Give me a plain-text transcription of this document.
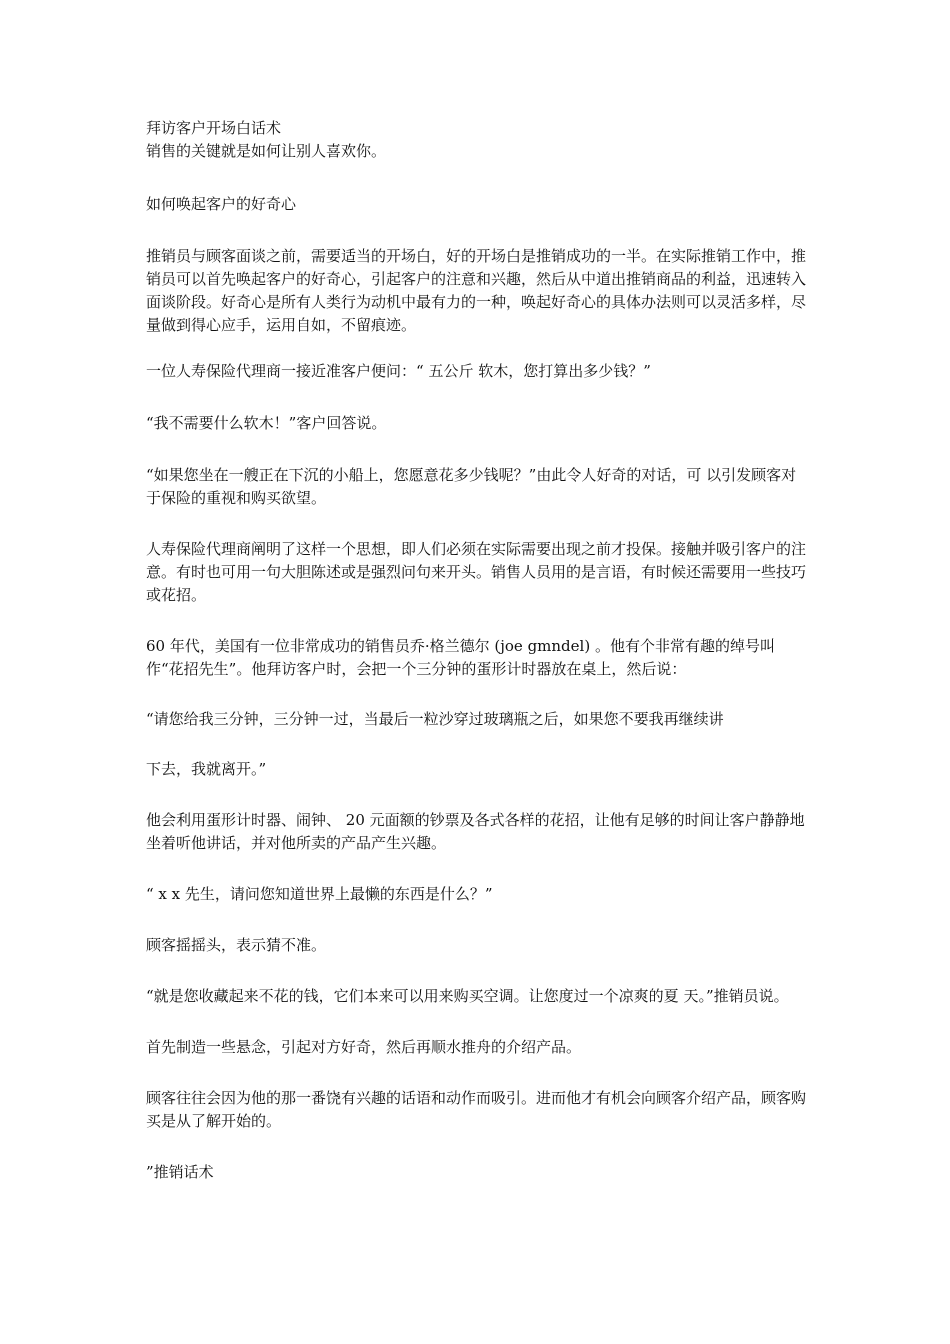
拜访客户开场白话术

销售的关键就是如何让别人喜欢你。

如何唤起客户的好奇心

推销员与顾客面谈之前，需要适当的开场白，好的开场白是推销成功的一半。在实际推销工作中，推销员可以首先唤起客户的好奇心，引起客户的注意和兴趣，然后从中道出推销商品的利益，迅速转入面谈阶段。好奇心是所有人类行为动机中最有力的一种，唤起好奇心的具体办法则可以灵活多样，尽量做到得心应手，运用自如，不留痕迹。

一位人寿保险代理商一接近准客户便问：“ 五公斤 软木，您打算出多少钱？”

“我不需要什么软木！”客户回答说。

“如果您坐在一艘正在下沉的小船上，您愿意花多少钱呢？”由此令人好奇的对话，可 以引发顾客对于保险的重视和购买欲望。

人寿保险代理商阐明了这样一个思想，即人们必须在实际需要出现之前才投保。接触并吸引客户的注意。有时也可用一句大胆陈述或是强烈问句来开头。销售人员用的是言语，有时候还需要用一些技巧或花招。

60 年代，美国有一位非常成功的销售员乔·格兰德尔 (joe gmndel) 。他有个非常有趣的绰号叫作“花招先生”。他拜访客户时，会把一个三分钟的蛋形计时器放在桌上，然后说：

“请您给我三分钟，三分钟一过，当最后一粒沙穿过玻璃瓶之后，如果您不要我再继续讲

下去，我就离开。”

他会利用蛋形计时器、闹钟、 20 元面额的钞票及各式各样的花招，让他有足够的时间让客户静静地坐着听他讲话，并对他所卖的产品产生兴趣。

“ x x 先生，请问您知道世界上最懒的东西是什么？”

顾客摇摇头，表示猜不准。

“就是您收藏起来不花的钱，它们本来可以用来购买空调。让您度过一个凉爽的夏 天。”推销员说。

首先制造一些悬念，引起对方好奇，然后再顺水推舟的介绍产品。

顾客往往会因为他的那一番饶有兴趣的话语和动作而吸引。进而他才有机会向顾客介绍产品，顾客购买是从了解开始的。

”推销话术
